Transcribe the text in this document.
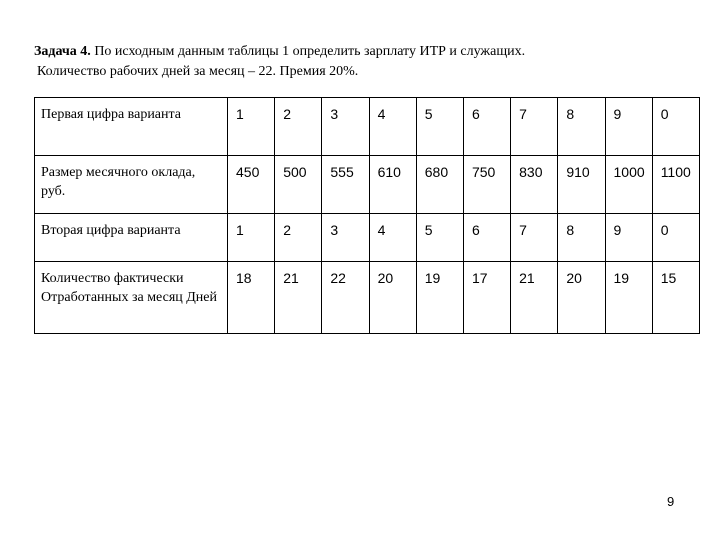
Задача 4. По исходным данным таблицы 1 определить зарплату ИТР и служащих.

Количество рабочих дней за месяц – 22. Премия 20%.

Первая цифра варианта	1	2	3	4	5	6	7	8	9	0
Размер месячного оклада, руб.	450	500	555	610	680	750	830	910	1000	1100
Вторая цифра варианта	1	2	3	4	5	6	7	8	9	0
Количество фактически Отработанных за месяц Дней	18	21	22	20	19	17	21	20	19	15
9
